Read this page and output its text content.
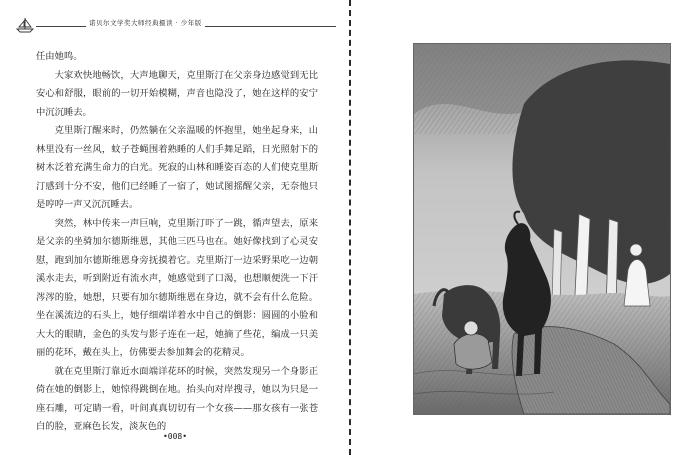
诺贝尔文学奖大师经典摄读 · 少年版

任由她鸣。

大家欢快地畅饮，大声地聊天，克里斯汀在父亲身边感觉到无比安心和舒服，眼前的一切开始模糊，声音也隐没了，她在这样的安宁中沉沉睡去。

克里斯汀醒来时，仍然躺在父亲温暖的怀抱里，她坐起身来，山林里没有一丝风，蚊子苍蝇围着熟睡的人们手舞足蹈，日光照射下的树木泛着充满生命力的白光。死寂的山林和睡姿百态的人们使克里斯汀感到十分不安，他们已经睡了一宿了，她试图摇醒父亲，无奈他只是哼哼一声又沉沉睡去。

突然，林中传来一声巨响，克里斯汀吓了一跳，循声望去，原来是父亲的坐骑加尔德斯维恩，其他三匹马也在。她好像找到了心灵安慰，跑到加尔德斯维恩身旁抚摸着它。克里斯汀一边采野果吃一边朝溪水走去，听到附近有流水声，她感觉到了口渴，也想顺便洗一下汗涔涔的脸，她想，只要有加尔德斯维恩在身边，就不会有什么危险。坐在溪流边的石头上，她仔细端详着水中自己的倒影：圆圆的小脸和大大的眼睛，金色的头发与影子连在一起，她摘了些花，编成一只美丽的花环，戴在头上，仿佛要去参加舞会的花精灵。

就在克里斯汀靠近水面端详花环的时候，突然发现另一个身影正倚在她的倒影上，她惊得跳倒在地。抬头向对岸搜寻，她以为只是一座石雕，可定睛一看，叶间真真切切有一个女孩——那女孩有一张苍白的脸，亚麻色长发，淡灰色的

•008•
